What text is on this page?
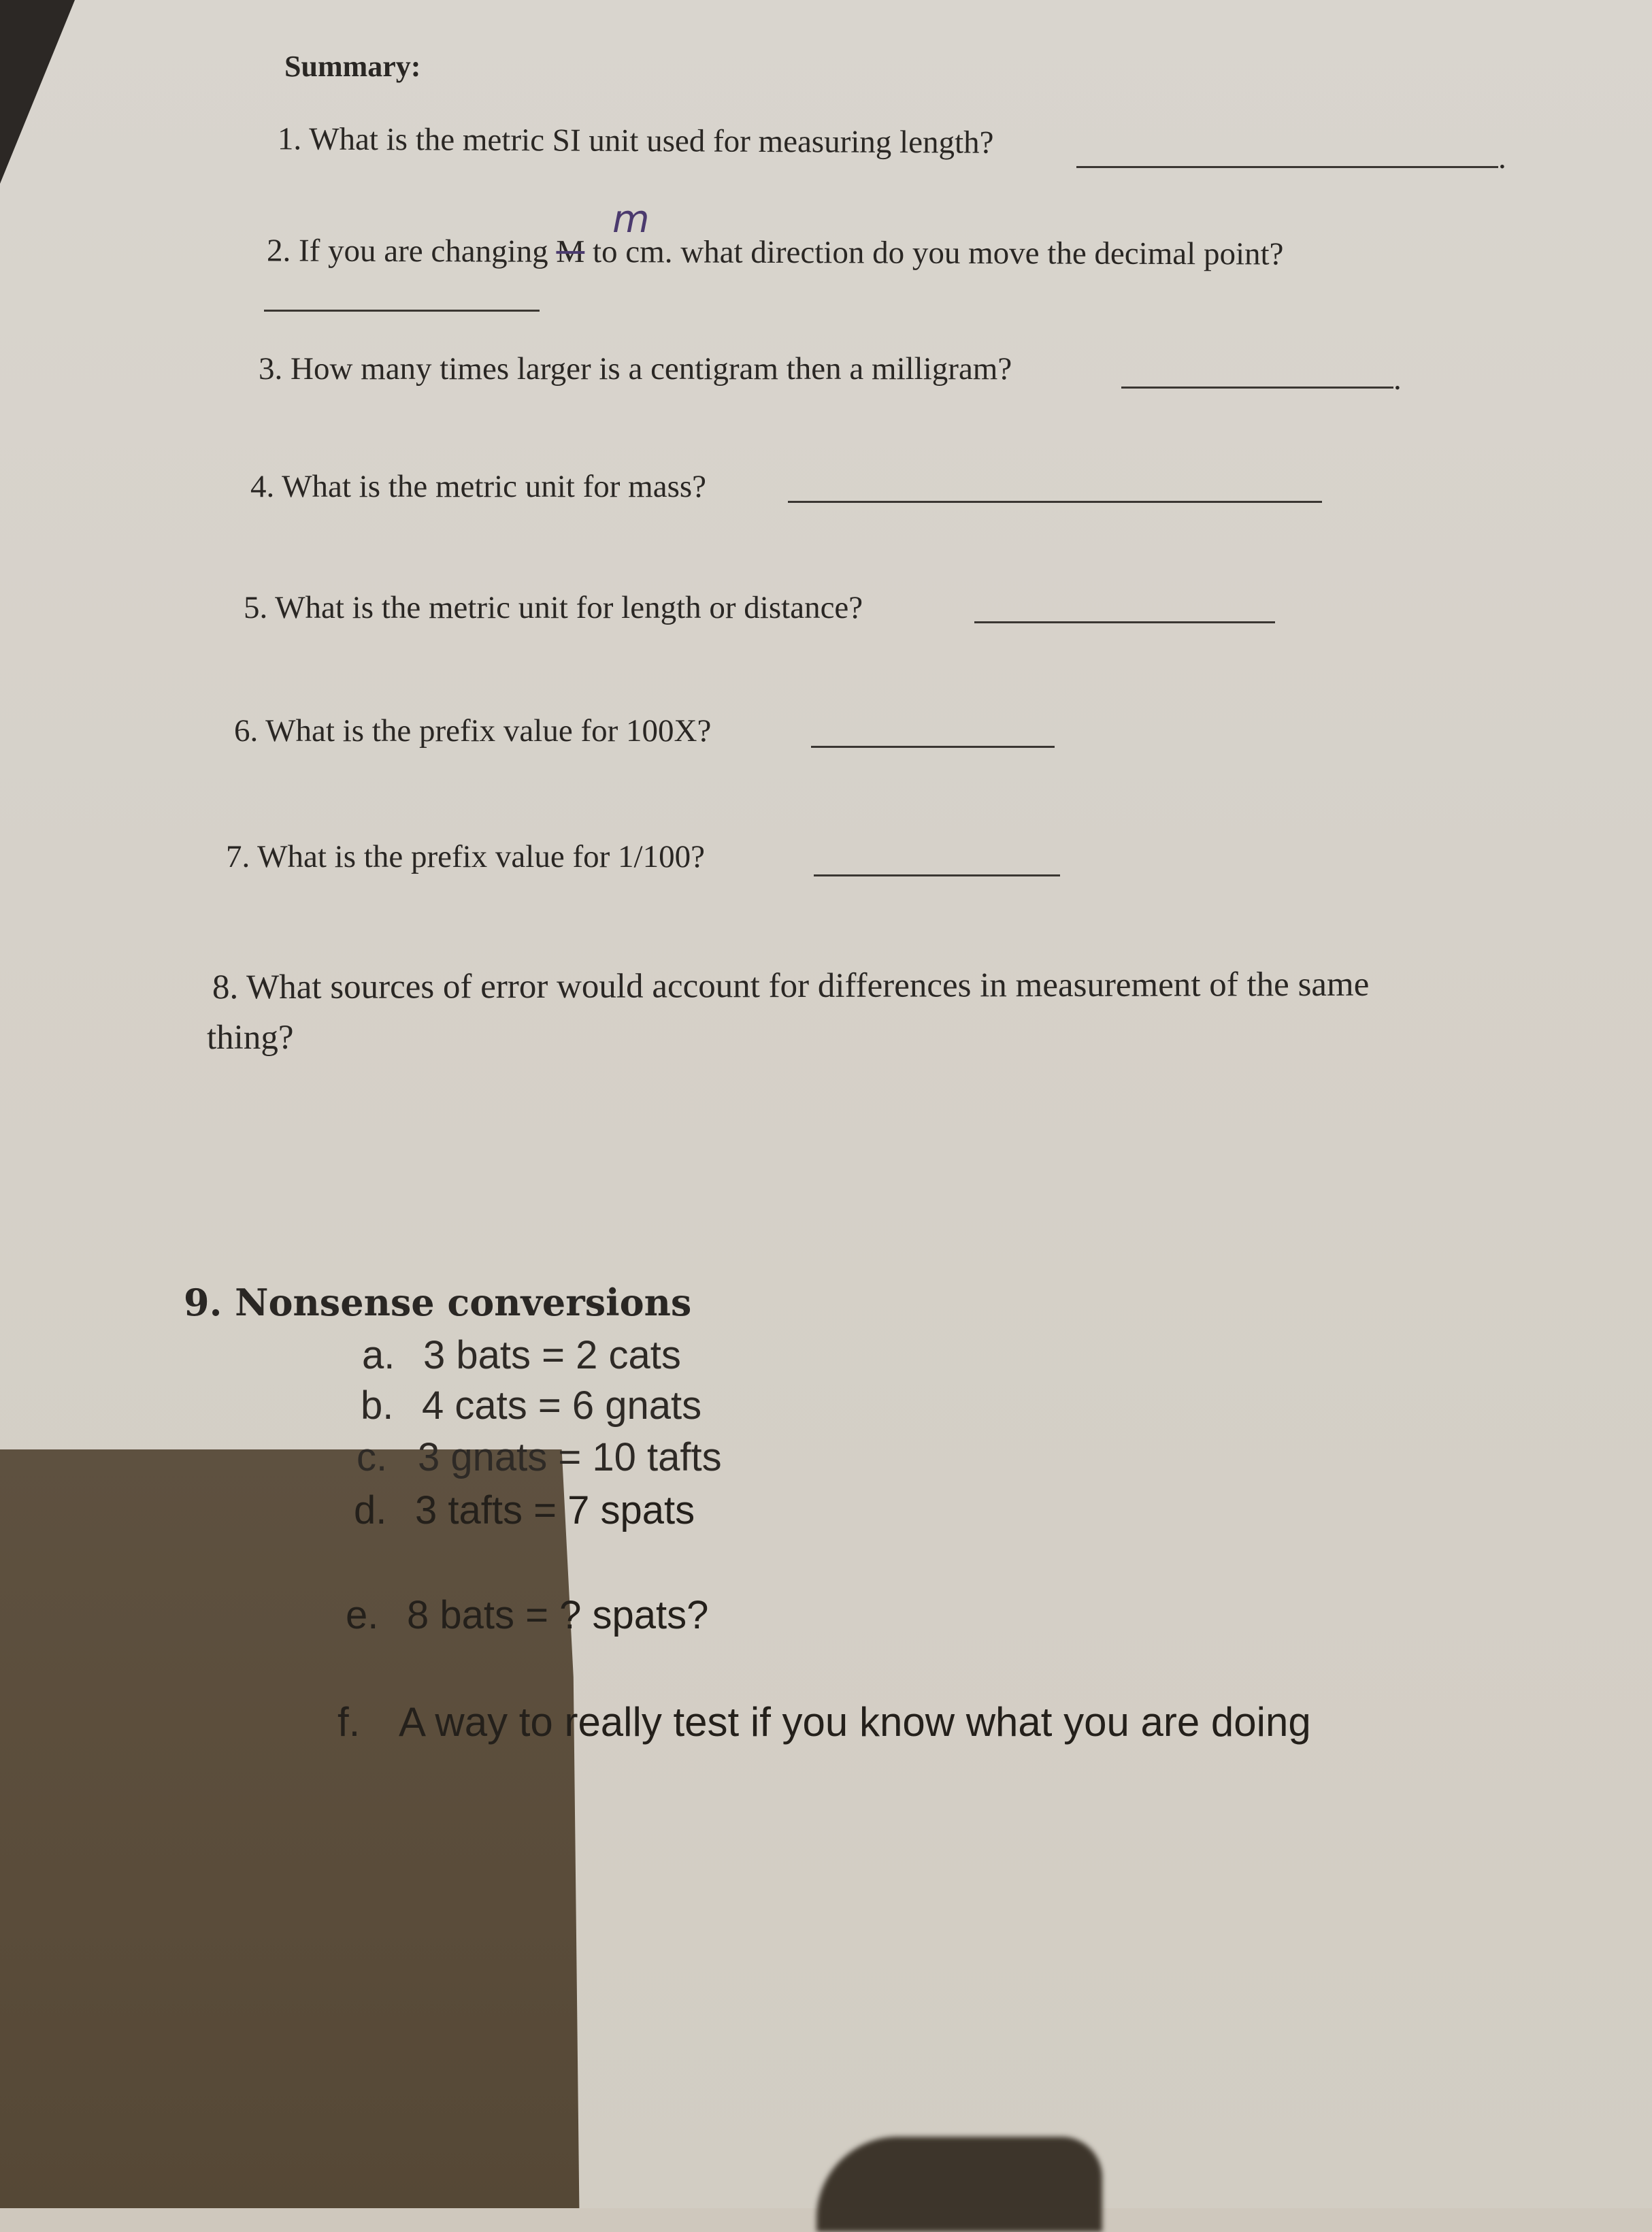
Summary:
1. What is the metric SI unit used for measuring length?	.
m
2. If you are changing M to cm. what direction do you move the decimal point?
3. How many times larger is a centigram then a milligram?	.
4. What is the metric unit for mass?
5. What is the metric unit for length or distance?
6. What is the prefix value for 100X?
7. What is the prefix value for 1/100?
8. What sources of error would account for differences in measurement of the same
thing?
9. Nonsense conversions
a. 3 bats = 2 cats
b. 4 cats = 6 gnats
c. 3 gnats = 10 tafts
d. 3 tafts = 7 spats
e. 8 bats = ? spats?
f. A way to really test if you know what you are doing
